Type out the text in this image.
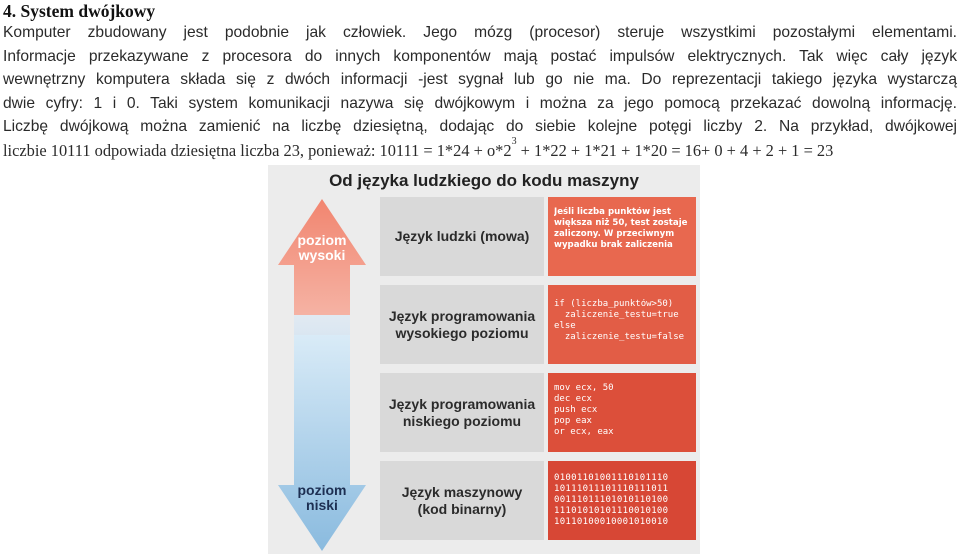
4. System dwójkowy
Komputer zbudowany jest podobnie jak człowiek. Jego mózg (procesor) steruje wszystkimi pozostałymi elementami.
Informacje przekazywane z procesora do innych komponentów mają postać impulsów elektrycznych. Tak więc cały język
wewnętrzny komputera składa się z dwóch informacji -jest sygnał lub go nie ma. Do reprezentacji takiego języka wystarczą
dwie cyfry: 1 i 0. Taki system komunikacji nazywa się dwójkowym i można za jego pomocą przekazać dowolną informację.
Liczbę dwójkową można zamienić na liczbę dziesiętną, dodając do siebie kolejne potęgi liczby 2. Na przykład, dwójkowej
liczbie 10111 odpowiada dziesiętna liczba 23, ponieważ: $10111 = 1*24 + o*2^3 + 1*22 + 1*21 + 1*20 = 16+ 0 + 4 + 2 + 1 = 23$
Od języka ludzkiego do kodu maszyny
poziom
wysoki
poziom
niski
Język ludzki (mowa)
Jeśli liczba punktów jest
większa niż 50, test zostaje
zaliczony. W przeciwnym
wypadku brak zaliczenia
Język programowania
wysokiego poziomu
if (liczba_punktów>50)
zaliczenie_testu=true
else
zaliczenie_testu=false
Język programowania
niskiego poziomu
mov ecx, 50
dec ecx
push ecx
pop eax
or ecx, eax
Język maszynowy
(kod binarny)
01001101001110101110
10111011101110111011
00111011101010110100
11101010101110010100
10110100010001010010
